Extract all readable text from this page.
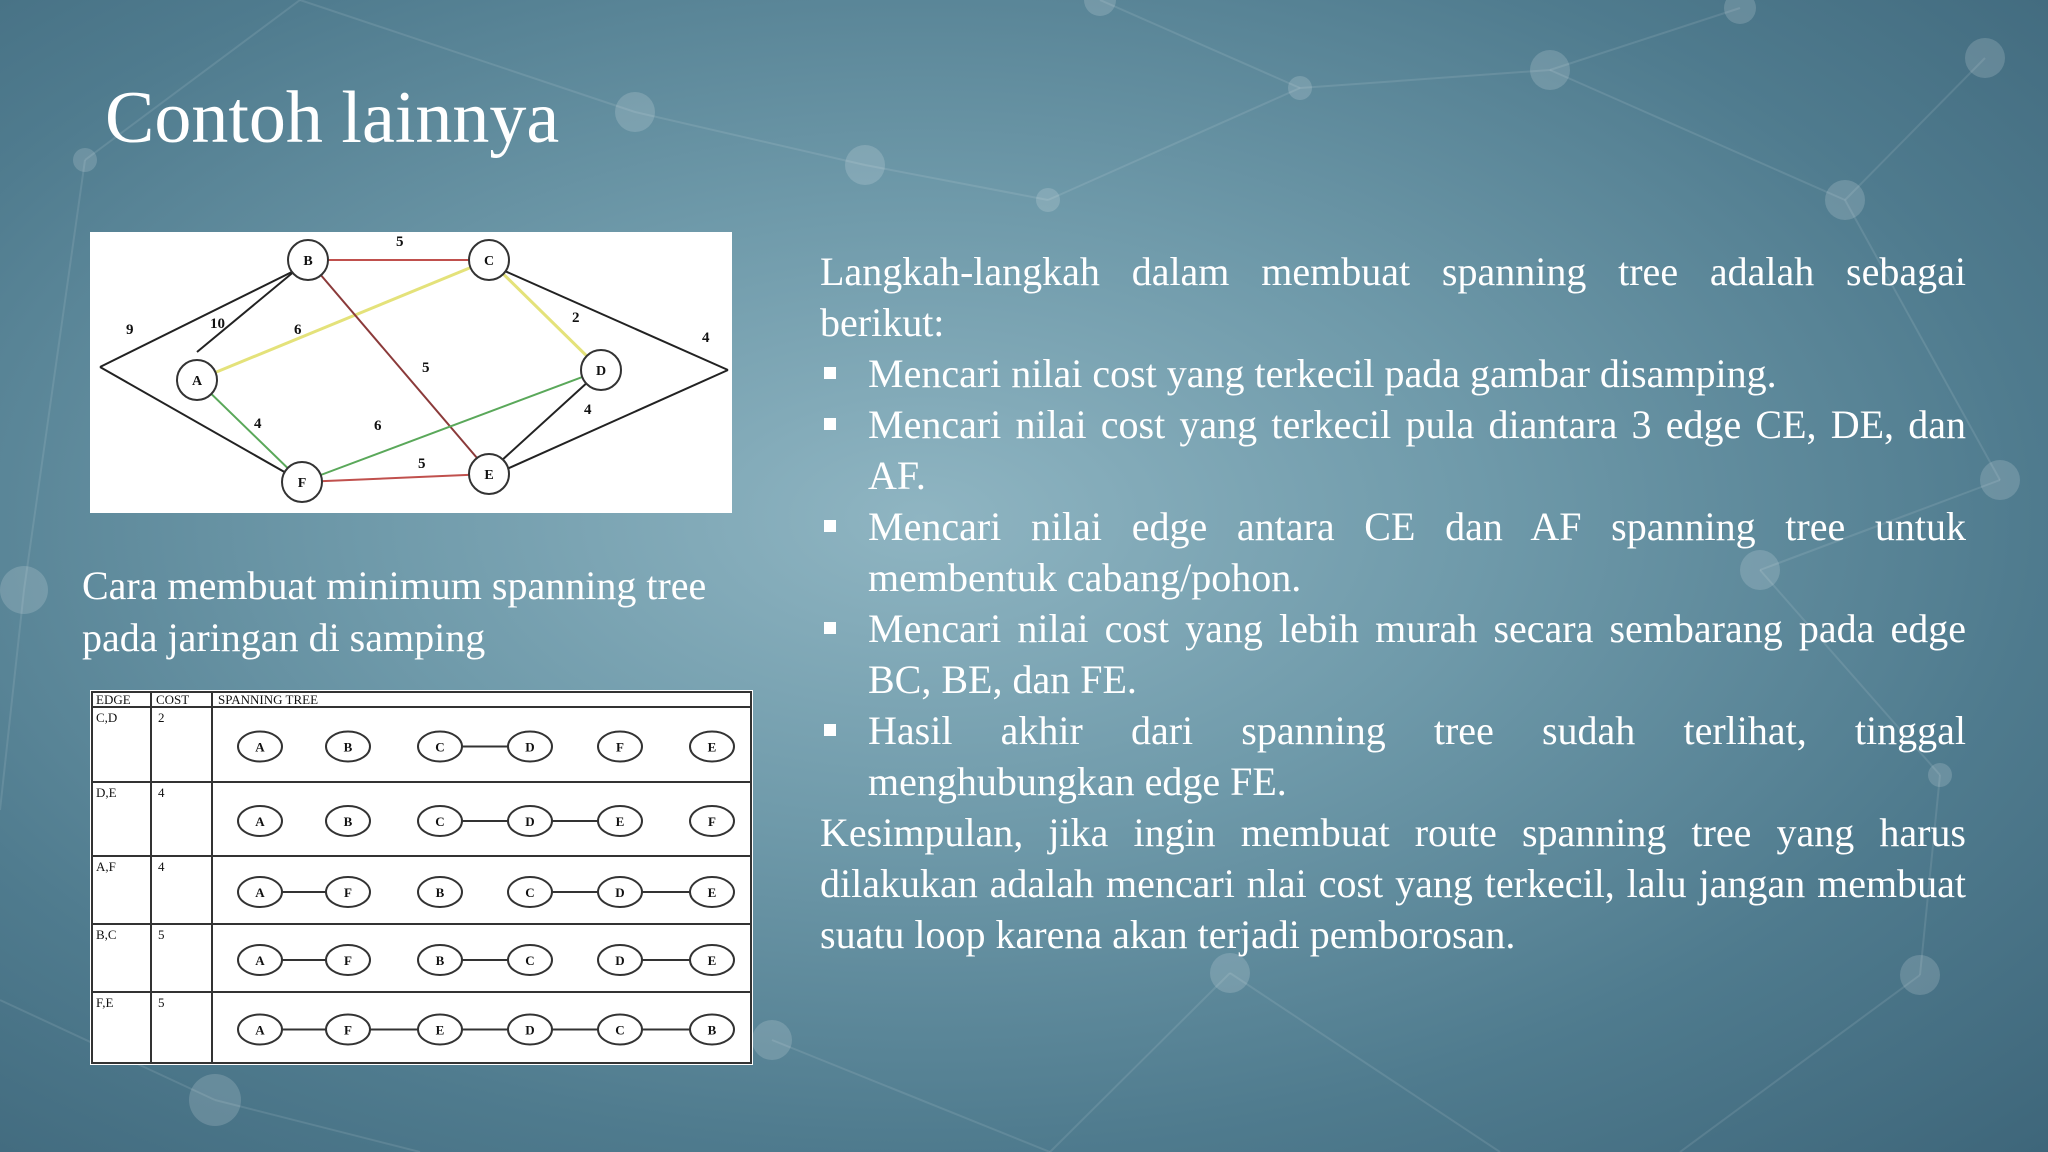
Contoh lainnya
5
10	6
2
5
4	6
4
5
9	4
A
B	C
D
E
F
Cara membuat minimum spanning tree
pada jaringan di samping
EDGE COST SPANNING TREE
C,D	2
A	B	C	D	F	E
D,E	4
A	B	C	D	E	F
A,F	4
A	F	B	C	D	E
B,C	5
A	F	B	C	D	E
F,E	5
A	F	E	D	C	B

Langkah-langkah dalam membuat spanning tree adalah sebagai berikut:

Mencari nilai cost yang terkecil pada gambar disamping.
Mencari nilai cost yang terkecil pula diantara 3 edge CE, DE, dan AF.
Mencari nilai edge antara CE dan AF spanning tree untuk membentuk cabang/pohon.
Mencari nilai cost yang lebih murah secara sembarang pada edge BC, BE, dan FE.
Hasil akhir dari spanning tree sudah terlihat, tinggal menghubungkan edge FE.

Kesimpulan, jika ingin membuat route spanning tree yang harus dilakukan adalah mencari nlai cost yang terkecil, lalu jangan membuat suatu loop karena akan terjadi pemborosan.
